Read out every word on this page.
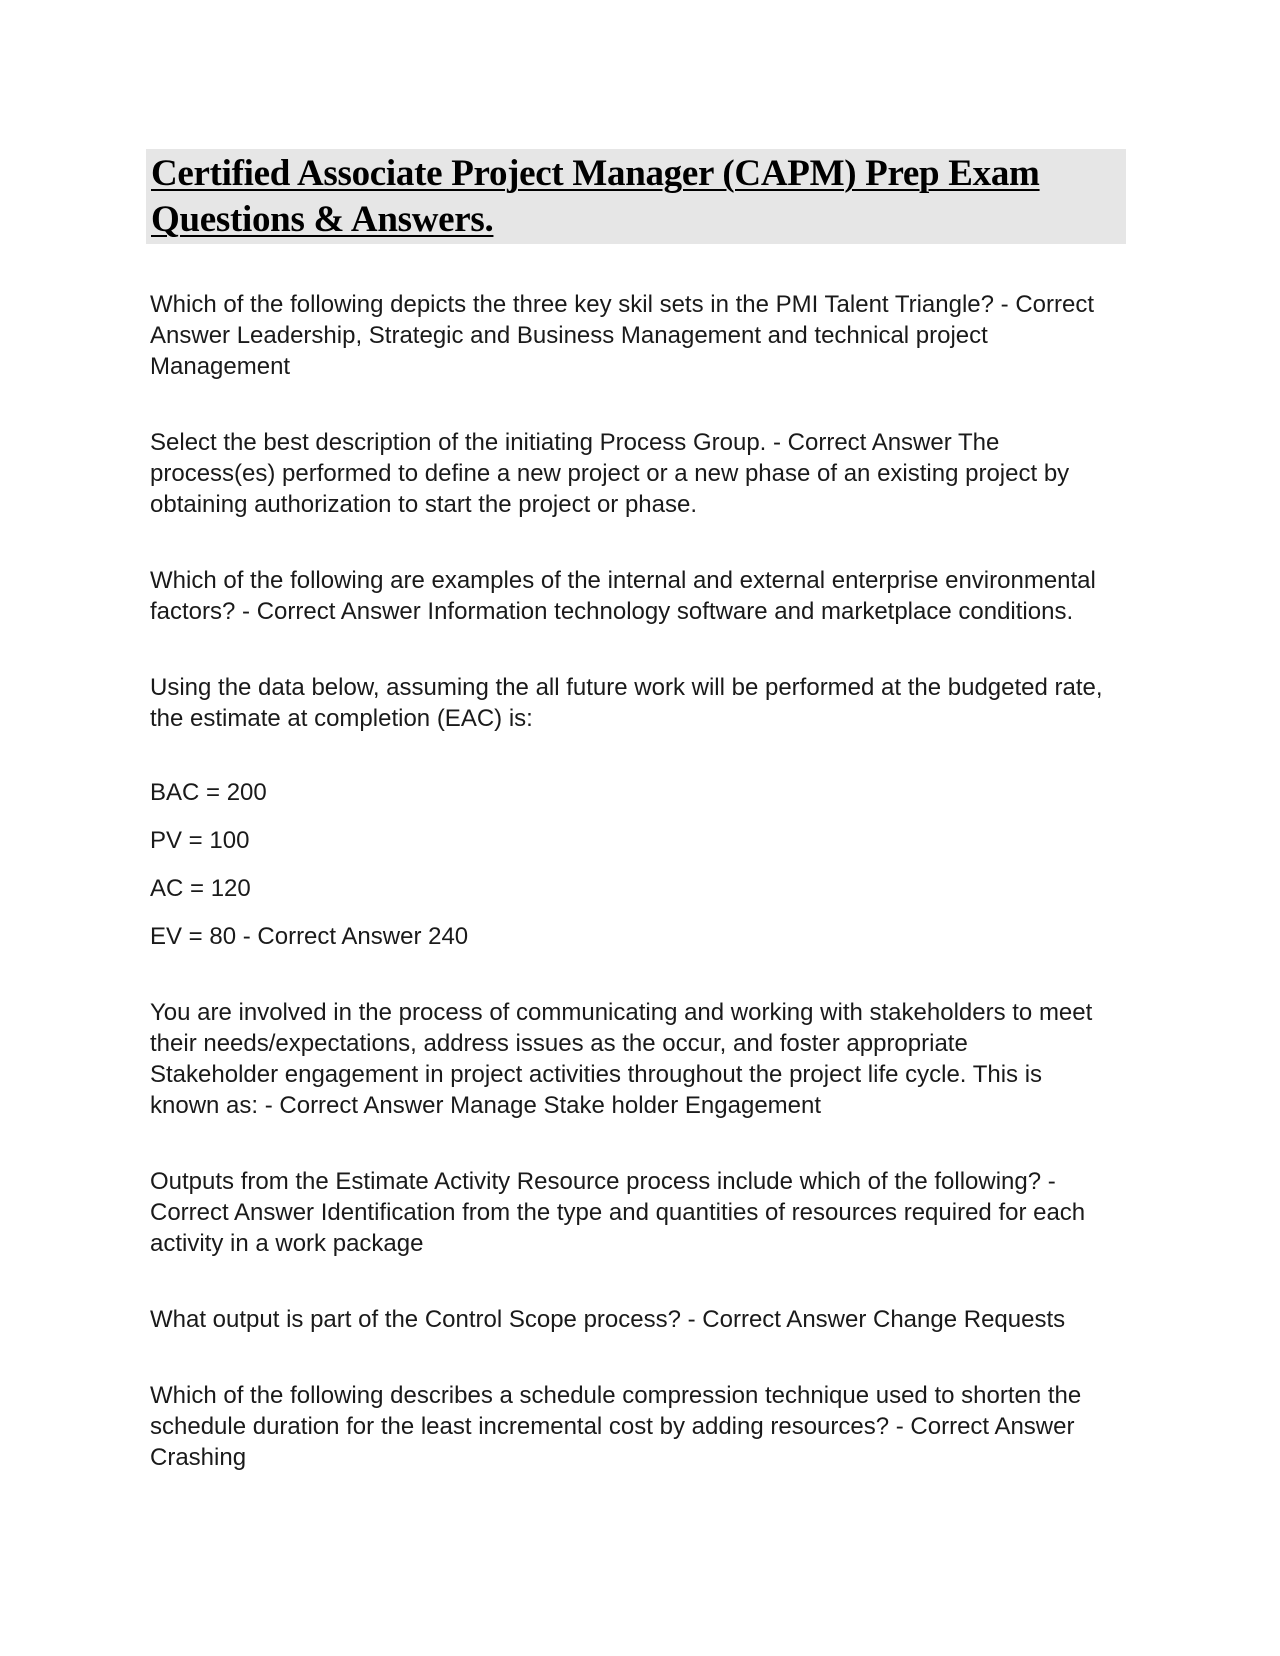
Certified Associate Project Manager (CAPM) Prep Exam
Questions & Answers.

Which of the following depicts the three key skil sets in the PMI Talent Triangle? - Correct
Answer Leadership, Strategic and Business Management and technical project
Management

Select the best description of the initiating Process Group. - Correct Answer The
process(es) performed to define a new project or a new phase of an existing project by
obtaining authorization to start the project or phase.

Which of the following are examples of the internal and external enterprise environmental
factors? - Correct Answer Information technology software and marketplace conditions.

Using the data below, assuming the all future work will be performed at the budgeted rate,
the estimate at completion (EAC) is:

BAC = 200

PV = 100

AC = 120

EV = 80 - Correct Answer 240

You are involved in the process of communicating and working with stakeholders to meet
their needs/expectations, address issues as the occur, and foster appropriate
Stakeholder engagement in project activities throughout the project life cycle. This is
known as: - Correct Answer Manage Stake holder Engagement

Outputs from the Estimate Activity Resource process include which of the following? -
Correct Answer Identification from the type and quantities of resources required for each
activity in a work package

What output is part of the Control Scope process? - Correct Answer Change Requests

Which of the following describes a schedule compression technique used to shorten the
schedule duration for the least incremental cost by adding resources? - Correct Answer
Crashing
